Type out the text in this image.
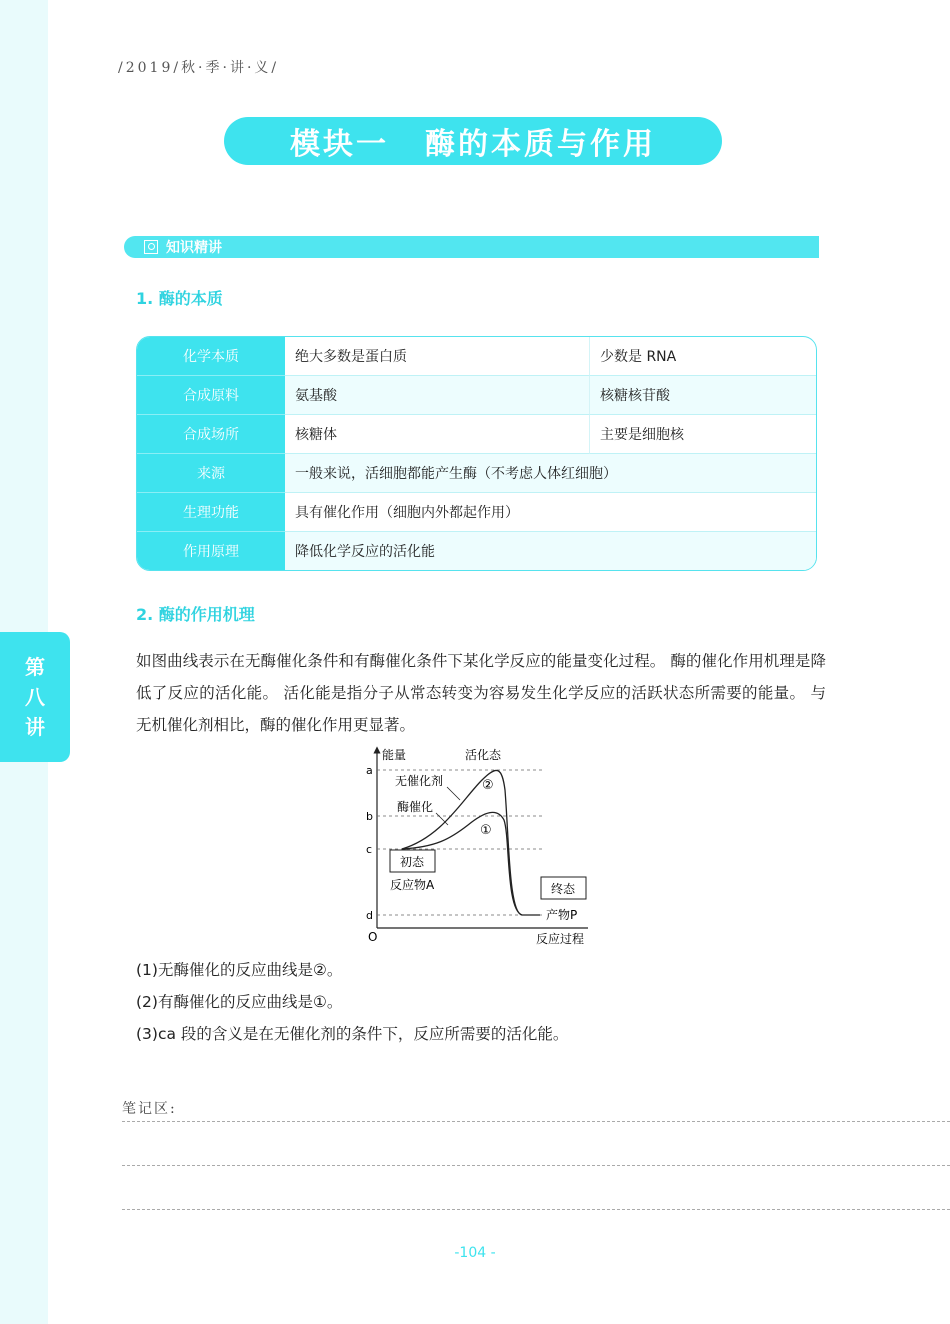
第八讲
/2019/秋·季·讲·义/
模块一 酶的本质与作用
知识精讲
1. 酶的本质
化学本质	绝大多数是蛋白质	少数是 RNA
合成原料	氨基酸	核糖核苷酸
合成场所	核糖体	主要是细胞核
来源	一般来说，活细胞都能产生酶（不考虑人体红细胞）	
生理功能	具有催化作用（细胞内外都起作用）	
作用原理	降低化学反应的活化能	
2. 酶的作用机理
如图曲线表示在无酶催化条件和有酶催化条件下某化学反应的能量变化过程。 酶的催化作用机理是降低了反应的活化能。 活化能是指分子从常态转变为容易发生化学反应的活跃状态所需要的能量。 与无机催化剂相比，酶的催化作用更显著。
能量	活化态
a
b
c
d
O	反应过程
无催化剂
酶催化
②
①
初态
反应物A	终态
产物P
(1)无酶催化的反应曲线是②。
(2)有酶催化的反应曲线是①。
(3)ca 段的含义是在无催化剂的条件下，反应所需要的活化能。
笔记区:
-104 -
